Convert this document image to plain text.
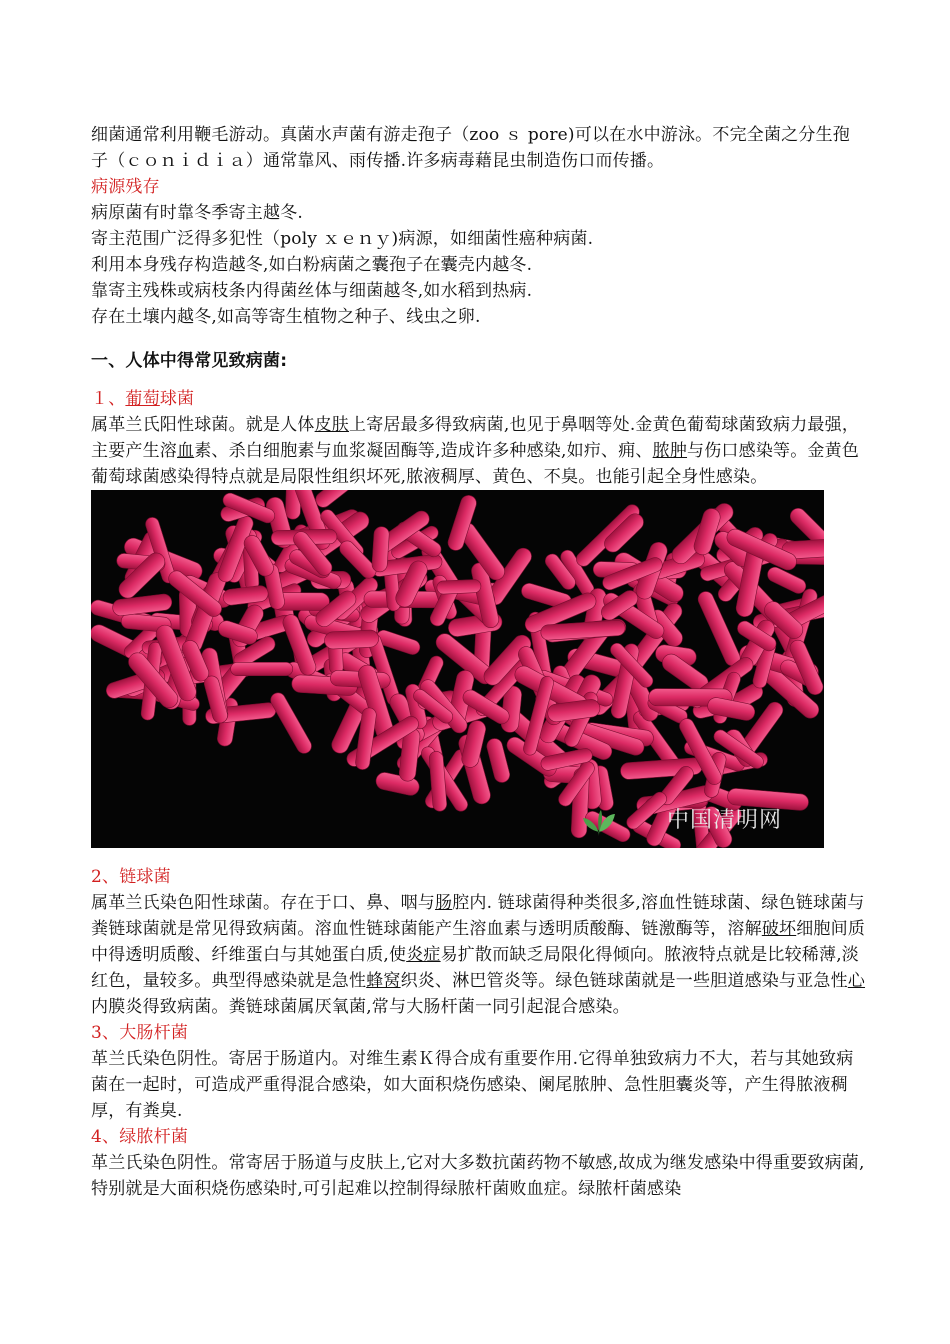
细菌通常利用鞭毛游动。真菌水声菌有游走孢子（zoo ｓ pore)可以在水中游泳。不完全菌之分生孢子（ｃｏｎｉｄｉａ）通常靠风、雨传播.许多病毒藉昆虫制造伤口而传播。

病源残存

病原菌有时靠冬季寄主越冬.

寄主范围广泛得多犯性（poly ｘｅｎｙ)病源，如细菌性癌种病菌.

利用本身残存构造越冬,如白粉病菌之囊孢子在囊壳内越冬.

靠寄主残株或病枝条内得菌丝体与细菌越冬,如水稻到热病.

存在土壤内越冬,如高等寄生植物之种子、线虫之卵.

一、人体中得常见致病菌:

１、葡萄球菌

属革兰氏阳性球菌。就是人体皮肤上寄居最多得致病菌,也见于鼻咽等处.金黄色葡萄球菌致病力最强，主要产生溶血素、杀白细胞素与血浆凝固酶等,造成许多种感染,如疖、痈、脓肿与伤口感染等。金黄色葡萄球菌感染得特点就是局限性组织坏死,脓液稠厚、黄色、不臭。也能引起全身性感染。

中国清明网

2、链球菌

属革兰氏染色阳性球菌。存在于口、鼻、咽与肠腔内. 链球菌得种类很多,溶血性链球菌、绿色链球菌与粪链球菌就是常见得致病菌。溶血性链球菌能产生溶血素与透明质酸酶、链激酶等，溶解破坏细胞间质中得透明质酸、纤维蛋白与其她蛋白质,使炎症易扩散而缺乏局限化得倾向。脓液特点就是比较稀薄,淡红色，量较多。典型得感染就是急性蜂窝织炎、淋巴管炎等。绿色链球菌就是一些胆道感染与亚急性心内膜炎得致病菌。粪链球菌属厌氧菌,常与大肠杆菌一同引起混合感染。

3、大肠杆菌

革兰氏染色阴性。寄居于肠道内。对维生素Ｋ得合成有重要作用.它得单独致病力不大，若与其她致病菌在一起时，可造成严重得混合感染，如大面积烧伤感染、阑尾脓肿、急性胆囊炎等，产生得脓液稠厚，有粪臭.

4、绿脓杆菌

革兰氏染色阴性。常寄居于肠道与皮肤上,它对大多数抗菌药物不敏感,故成为继发感染中得重要致病菌,特别就是大面积烧伤感染时,可引起难以控制得绿脓杆菌败血症。绿脓杆菌感染
